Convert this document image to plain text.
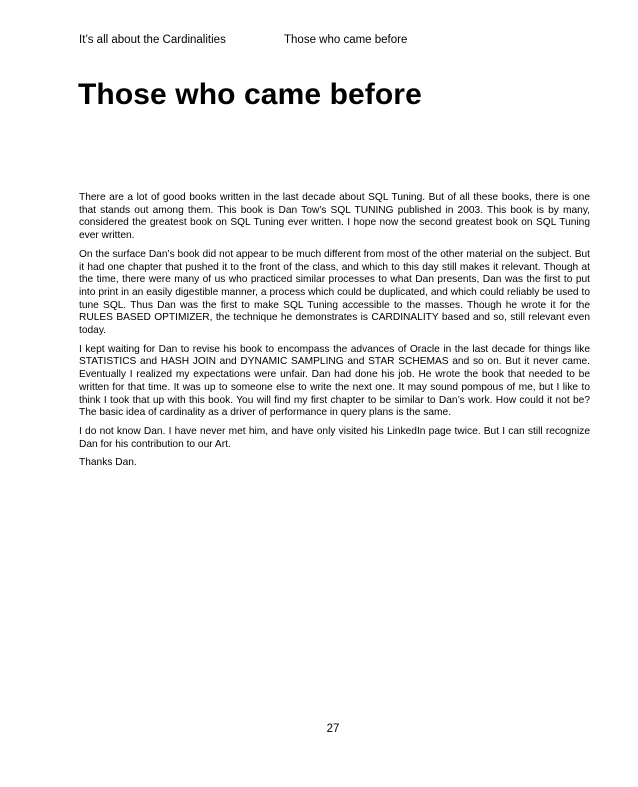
It’s all about the Cardinalities	Those who came before
Those who came before

There are a lot of good books written in the last decade about SQL Tuning. But of all these books, there is one that stands out among them. This book is Dan Tow’s SQL TUNING published in 2003. This book is by many, considered the greatest book on SQL Tuning ever written. I hope now the second greatest book on SQL Tuning ever written.

On the surface Dan’s book did not appear to be much different from most of the other material on the subject. But it had one chapter that pushed it to the front of the class, and which to this day still makes it relevant. Though at the time, there were many of us who practiced similar processes to what Dan presents, Dan was the first to put into print in an easily digestible manner, a process which could be duplicated, and which could reliably be used to tune SQL. Thus Dan was the first to make SQL Tuning accessible to the masses. Though he wrote it for the RULES BASED OPTIMIZER, the technique he demonstrates is CARDINALITY based and so, still relevant even today.

I kept waiting for Dan to revise his book to encompass the advances of Oracle in the last decade for things like STATISTICS and HASH JOIN and DYNAMIC SAMPLING and STAR SCHEMAS and so on. But it never came. Eventually I realized my expectations were unfair. Dan had done his job. He wrote the book that needed to be written for that time. It was up to someone else to write the next one. It may sound pompous of me, but I like to think I took that up with this book. You will find my first chapter to be similar to Dan’s work. How could it not be? The basic idea of cardinality as a driver of performance in query plans is the same.

I do not know Dan. I have never met him, and have only visited his LinkedIn page twice. But I can still recognize Dan for his contribution to our Art.

Thanks Dan.

27
